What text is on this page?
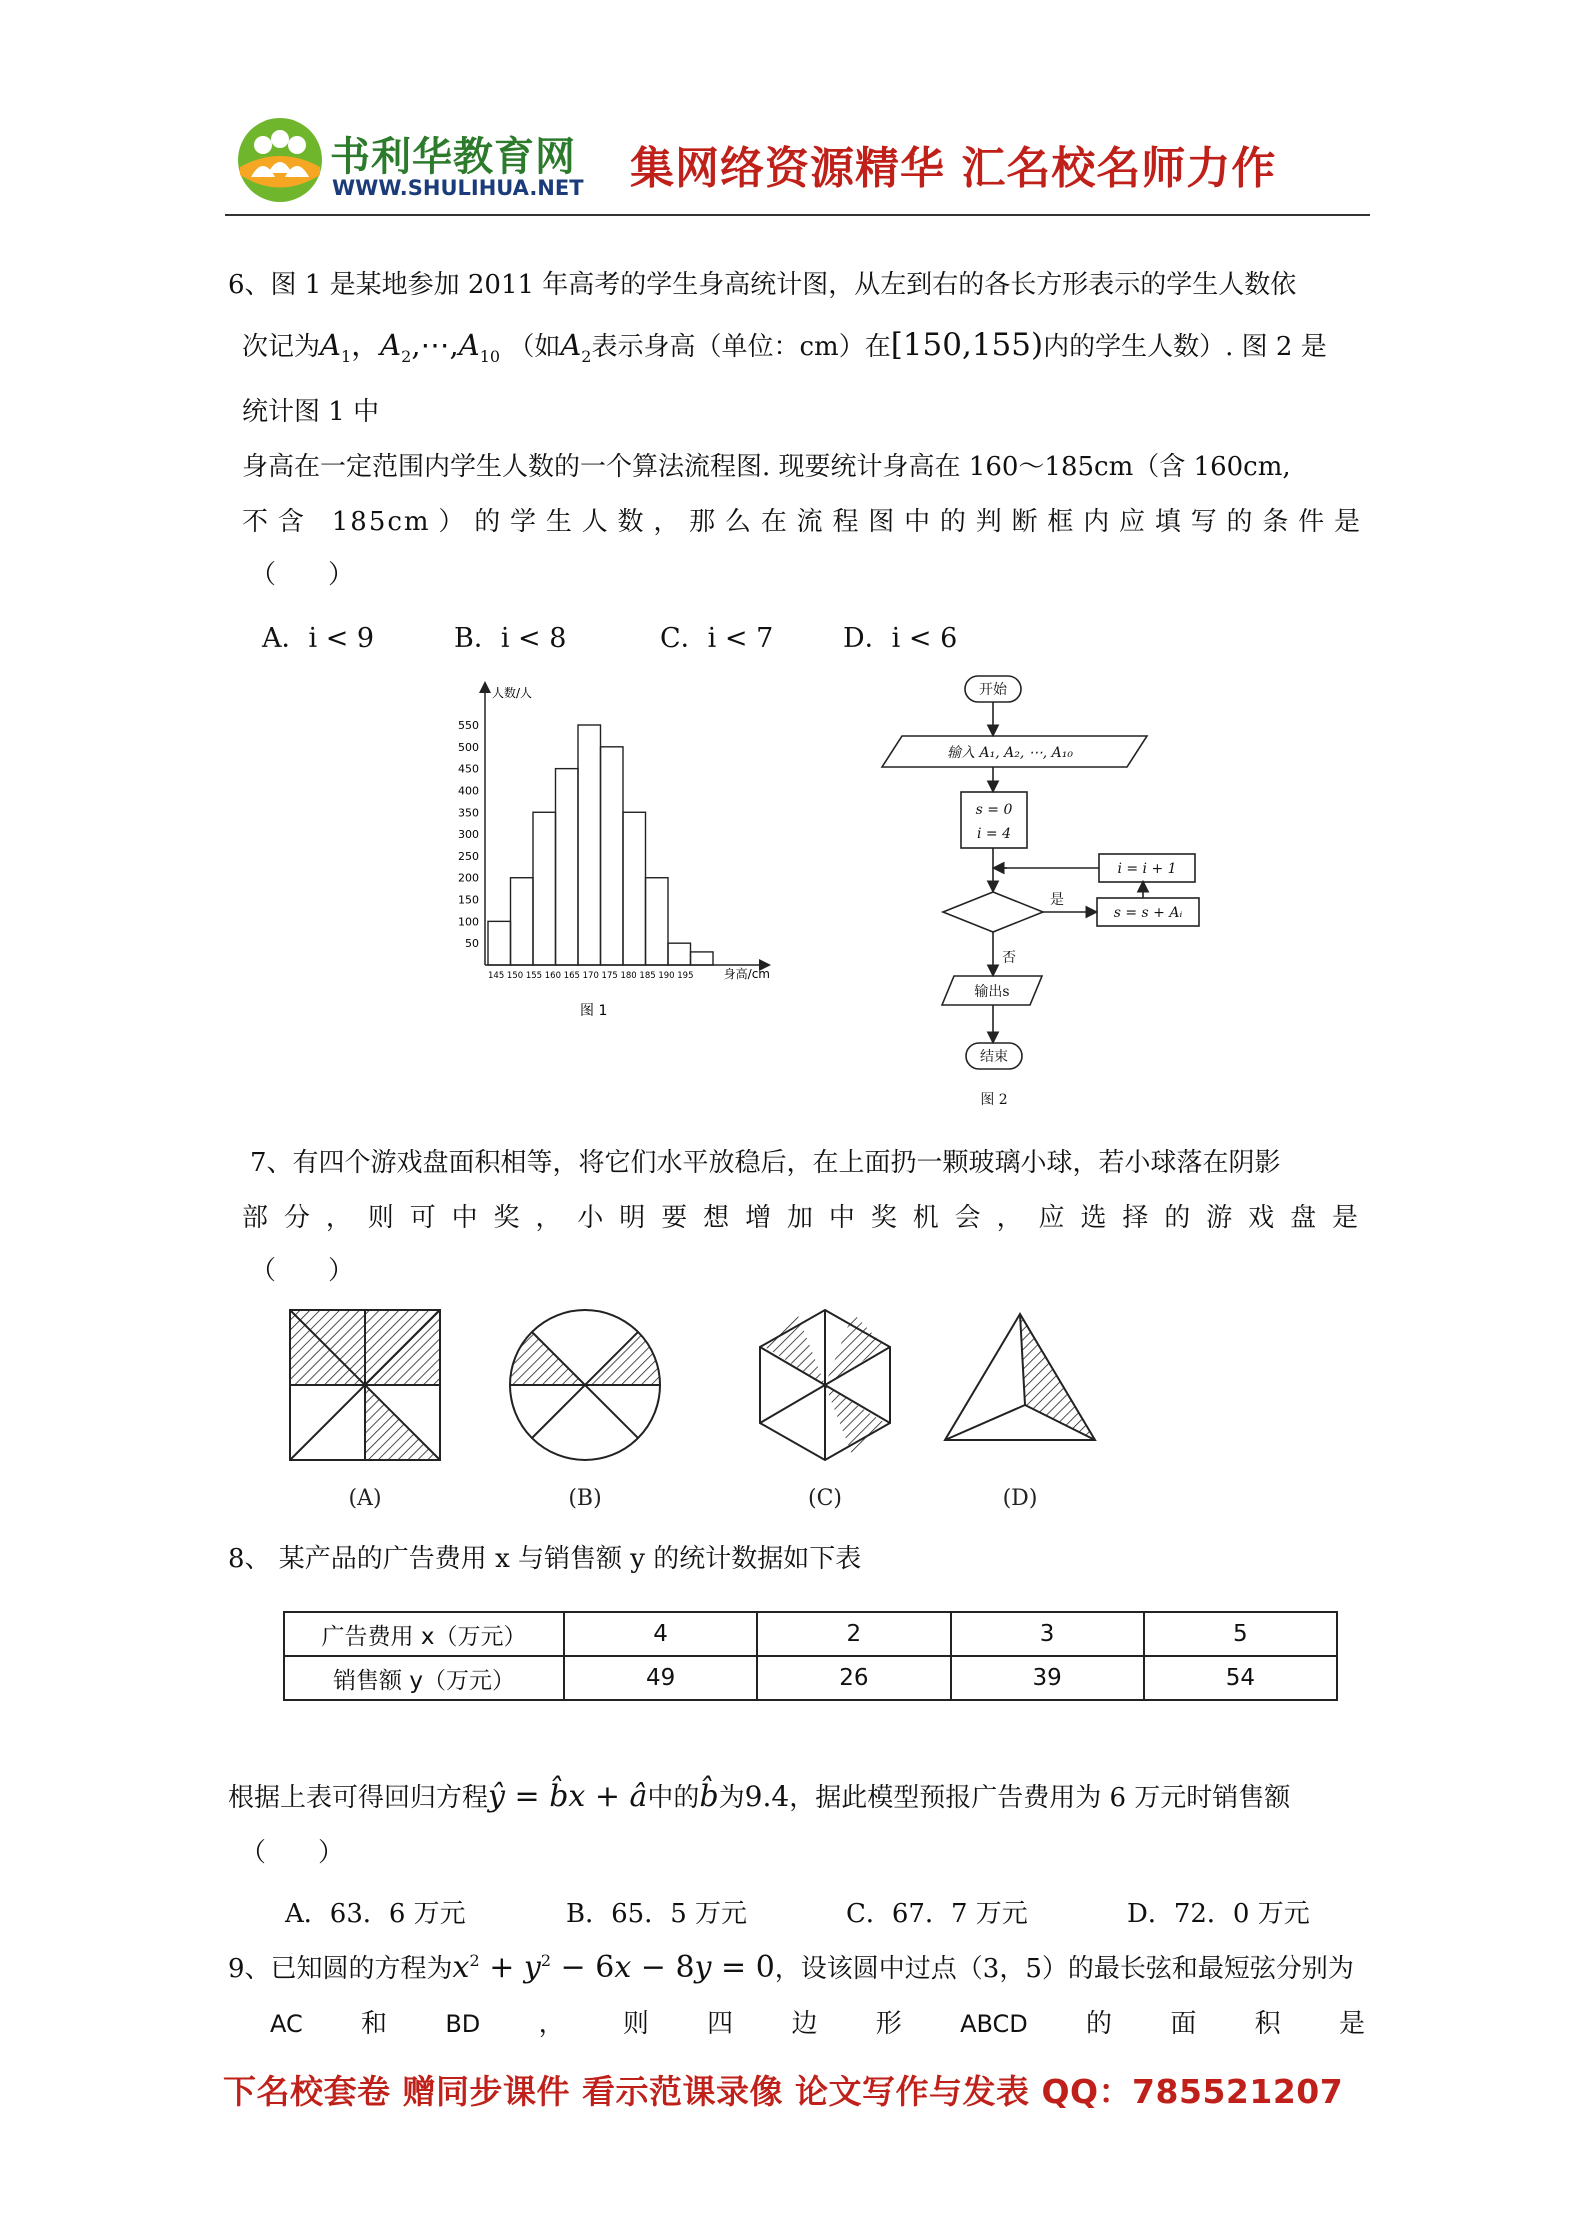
书利华教育网
WWW.SHULIHUA.NET 集网络资源精华 汇名校名师力作
6、图 1 是某地参加 2011 年高考的学生身高统计图，从左到右的各长方形表示的学生人数依
次记为$A_1$，$A_2,\cdots,A_{10}$ （如$A_2$表示身高（单位：cm）在[150,155)内的学生人数）. 图 2 是
统计图 1 中
身高在一定范围内学生人数的一个算法流程图. 现要统计身高在 160～185cm（含 160cm,
不含 185cm）的学生人数，那么在流程图中的判断框内应填写的条件是
（　　）
A．i < 9	B．i < 8	C．i < 7	D．i < 6
人数/人
身高/cm
500
550
450
400
350
300
250
200
150
100
50
145 150 155 160 165 170 175 180 185 190 195
图 1
开始
输入 A₁, A₂, ⋯, A₁₀
s = 0
i = 4
i = i + 1
s = s + Aᵢ
是
否
输出s
结束
图 2
7、有四个游戏盘面积相等，将它们水平放稳后，在上面扔一颗玻璃小球，若小球落在阴影
部分，则可中奖，小明要想增加中奖机会，应选择的游戏盘是
（　　）
(A)	(B)	(C)	(D)
8、 某产品的广告费用 x 与销售额 y 的统计数据如下表
广告费用 x（万元）	4	2	3	5
销售额 y（万元）	49	26	39	54
根据上表可得回归方程ŷ = b̂x + â中的b̂为9.4，据此模型预报广告费用为 6 万元时销售额
（　　）
A．63．6 万元	B．65．5 万元	C．67．7 万元	D．72．0 万元
9、已知圆的方程为$x^2 + y^2 - 6x - 8y = 0$，设该圆中过点（3，5）的最长弦和最短弦分别为
AC 和 BD ， 则 四 边 形 ABCD 的 面 积 是
下名校套卷 赠同步课件 看示范课录像 论文写作与发表 QQ：785521207
